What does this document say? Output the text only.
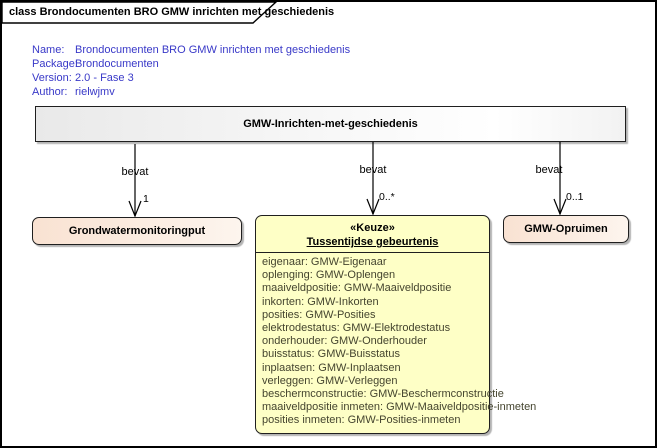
class Brondocumenten BRO GMW inrichten met geschiedenis
Name: Brondocumenten BRO GMW inrichten met geschiedenis
Package:Brondocumenten
Version: 2.0 - Fase 3
Author: rielwjmv
GMW-Inrichten-met-geschiedenis
bevat
1
bevat
0..*
bevat
0..1
Grondwatermonitoringput	«Keuze»
Tussentijdse gebeurtenis
eigenaar: GMW-Eigenaar
oplenging: GMW-Oplengen
maaiveldpositie: GMW-Maaiveldpositie
inkorten: GMW-Inkorten
posities: GMW-Posities
elektrodestatus: GMW-Elektrodestatus
onderhouder: GMW-Onderhouder
buisstatus: GMW-Buisstatus
inplaatsen: GMW-Inplaatsen
verleggen: GMW-Verleggen
beschermconstructie: GMW-Beschermconstructie
maaiveldpositie inmeten: GMW-Maaiveldpositie-inmeten
posities inmeten: GMW-Posities-inmeten
GMW-Opruimen
